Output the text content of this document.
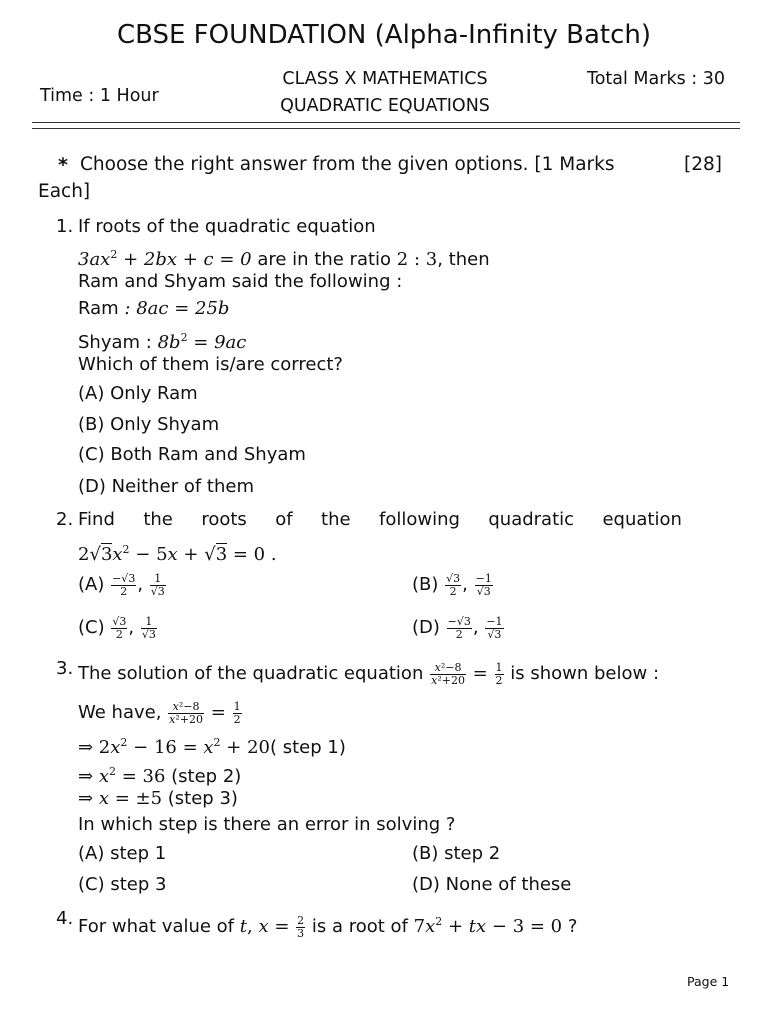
CBSE FOUNDATION (Alpha-Infinity Batch)
Time : 1 Hour
CLASS X MATHEMATICS
QUADRATIC EQUATIONS
Total Marks : 30
* Choose the right answer from the given options. [1 Marks
Each]
[28]
1. If roots of the quadratic equation
$3ax^2 + 2bx + c = 0$ are in the ratio 2 : 3, then
Ram and Shyam said the following :
Ram : 8ac = 25b
Shyam : $8b^2 = 9ac$
Which of them is/are correct?
(A) Only Ram
(B) Only Shyam
(C) Both Ram and Shyam
(D) Neither of them
2. Find the roots of the following quadratic equation
$2√3x^2 - 5x + √3 = 0$ .
$(A) \frac{-√3}{2}$ , $\frac{1}{√3}$	$(B) \frac{√3}{2}$ , $\frac{-1}{√3}$
$(C) \frac{√3}{2}$ , $\frac{1}{√3}$	$(D) \frac{-√3}{2}$ , $\frac{-1}{√3}$
3. The solution of the quadratic equation $\frac{\text{x²−8}}{\text{x²+20}} = \frac{1}{2}$ is shown below :
We have, $\frac{\text{x²−8}}{\text{x²+20}} = \frac{1}{2}$
⇒ $2x^2 - 16 = x^2 + 20$( step 1)
⇒ $x^2 = 36$ (step 2)
⇒ x = ±5 (step 3)
In which step is there an error in solving ?
(A) step 1	(B) step 2
(C) step 3	(D) None of these
4. For what value of t, $x = \frac{2}{3}$ is a root of $7x^2$ + tx − 3 = 0 ?
Page 1
